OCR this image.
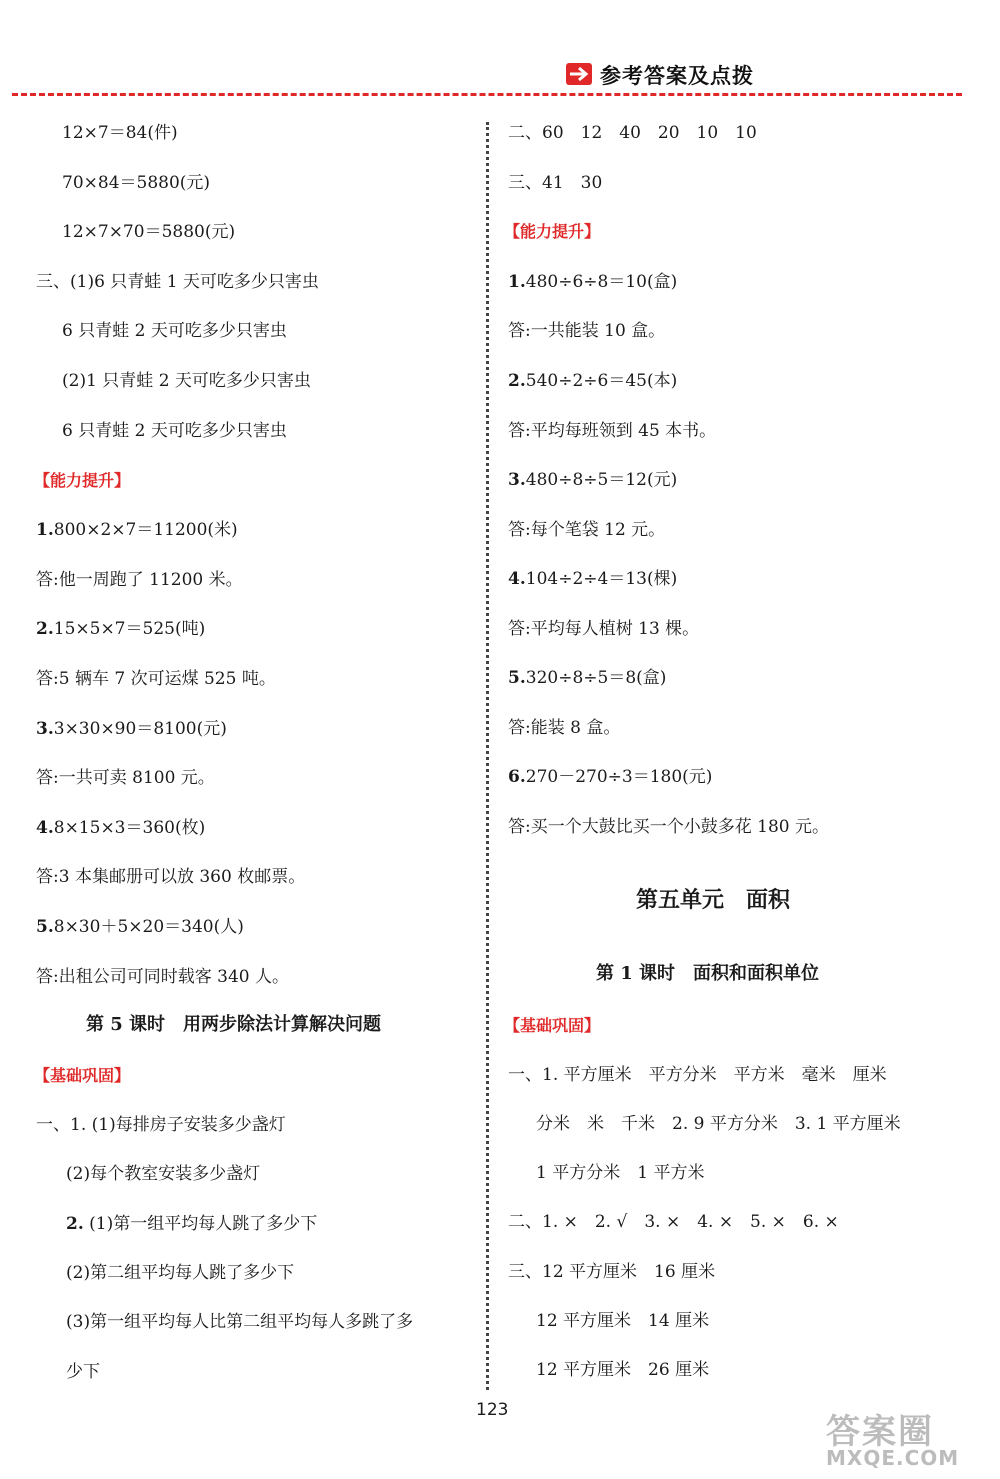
参考答案及点拨
12×7＝84(件)
70×84＝5880(元)
12×7×70＝5880(元)
三、(1)6 只青蛙 1 天可吃多少只害虫
6 只青蛙 2 天可吃多少只害虫
(2)1 只青蛙 2 天可吃多少只害虫
6 只青蛙 2 天可吃多少只害虫
【能力提升】
1.800×2×7＝11200(米)
答:他一周跑了 11200 米。
2.15×5×7＝525(吨)
答:5 辆车 7 次可运煤 525 吨。
3.3×30×90＝8100(元)
答:一共可卖 8100 元。
4.8×15×3＝360(枚)
答:3 本集邮册可以放 360 枚邮票。
5.8×30＋5×20＝340(人)
答:出租公司可同时载客 340 人。
第 5 课时　用两步除法计算解决问题
【基础巩固】
一、1. (1)每排房子安装多少盏灯
(2)每个教室安装多少盏灯
2. (1)第一组平均每人跳了多少下
(2)第二组平均每人跳了多少下
(3)第一组平均每人比第二组平均每人多跳了多
少下
二、60　12　40　20　10　10
三、41　30
【能力提升】
1.480÷6÷8＝10(盒)
答:一共能装 10 盒。
2.540÷2÷6＝45(本)
答:平均每班领到 45 本书。
3.480÷8÷5＝12(元)
答:每个笔袋 12 元。
4.104÷2÷4＝13(棵)
答:平均每人植树 13 棵。
5.320÷8÷5＝8(盒)
答:能装 8 盒。
6.270－270÷3＝180(元)
答:买一个大鼓比买一个小鼓多花 180 元。
第五单元　面积
第 1 课时　面积和面积单位
【基础巩固】
一、1. 平方厘米　平方分米　平方米　毫米　厘米
分米　米　千米　2. 9 平方分米　3. 1 平方厘米
1 平方分米　1 平方米
二、1. ×　2. √　3. ×　4. ×　5. ×　6. ×
三、12 平方厘米　16 厘米
12 平方厘米　14 厘米
12 平方厘米　26 厘米
123
答案圈
MXQE.COM
